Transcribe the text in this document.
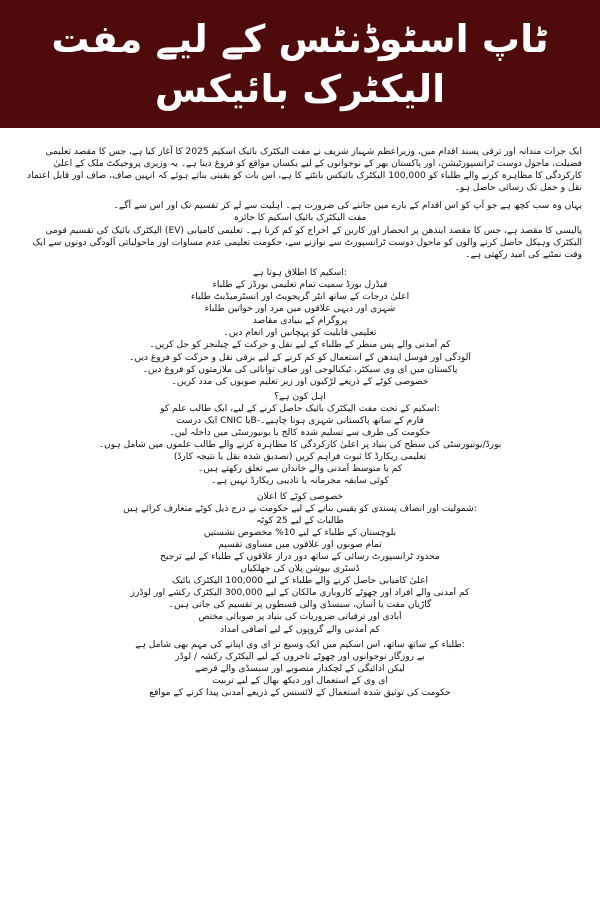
ٹاپ اسٹوڈنٹس کے لیے مفت
الیکٹرک بائیکس

ایک جرات مندانہ اور ترقی پسند اقدام میں، وزیراعظم شہباز شریف نے مفت الیکٹرک بائیک اسکیم 2025 کا آغاز کیا ہے، جس کا مقصد تعلیمی فضیلت، ماحول دوست ٹرانسپورٹیشن، اور پاکستان بھر کے نوجوانوں کے لیے یکساں مواقع کو فروغ دینا ہے۔ یہ وزیری پروجیکٹ ملک کے اعلیٰ کارکردگی کا مظاہرہ کرنے والے طلباء کو 100,000 الیکٹرک بائیکس بانٹنے کا ہے، اس بات کو یقینی بناتے ہوئے کہ انہیں صاف، صاف اور قابل اعتماد نقل و حمل تک رسائی حاصل ہو۔

یہاں وہ سب کچھ ہے جو آپ کو اس اقدام کے بارے میں جاننے کی ضرورت ہے۔ اہلیت سے لے کر تقسیم تک اور اس سے آگے۔

مفت الیکٹرک بائیک اسکیم کا جائزہ

پالیسی کا مقصد ہے، جس کا مقصد ایندھن پر انحصار اور کاربن کے اخراج کو کم کرنا ہے۔ تعلیمی کامیابی (EV) الیکٹرک بائیک کی تقسیم قومی الیکٹرک وہیکل حاصل کرنے والوں کو ماحول دوست ٹرانسپورٹ سے نوازنے سے، حکومت تعلیمی عدم مساوات اور ماحولیاتی آلودگی دونوں سے ایک وقت نمٹنے کی امید رکھتی ہے۔

:اسکیم کا اطلاق ہوتا ہے

فیڈرل بورڈ سمیت تمام تعلیمی بورڈز کے طلباء

اعلیٰ درجات کے ساتھ انٹر گریجویٹ اور انسٹرمیڈیٹ طلباء

شہری اور دیہی علاقوں میں مرد اور خواتین طلباء

پروگرام کے بنیادی مقاصد

تعلیمی قابلیت کو پہچانیں اور انعام دیں۔

کم آمدنی والے پس منظر کے طلباء کے لیے نقل و حرکت کے چیلنجز کو حل کریں۔

آلودگی اور فوسل ایندھن کے استعمال کو کم کرنے کے لیے برقی نقل و حرکت کو فروغ دیں۔

پاکستان میں ای وی سیکٹر، ٹیکنالوجی اور صاف توانائی کی ملازمتوں کو فروغ دیں۔

خصوصی کوٹے کے ذریعے لڑکیوں اور زیر تعلیم صوبوں کی مدد کریں۔

اہل کون ہے؟

:اسکیم کے تحت مفت الیکٹرک بائیک حاصل کرنے کے لیے، ایک طالب علم کو

فارم کے ساتھ پاکستانی شہری ہونا چاہیے۔-Bیا CNIC ایک درست

حکومت کی طرف سے تسلیم شدہ کالج یا یونیورسٹی میں داخلہ لیں۔

بورڈ/یونیورسٹی کی سطح کی بنیاد پر اعلیٰ کارکردگی کا مظاہرہ کرنے والے طالب علموں میں شامل ہوں۔

تعلیمی ریکارڈ کا ثبوت فراہم کریں (تصدیق شدہ نقل یا نتیجہ کارڈ)

کم یا متوسط آمدنی والے خاندان سے تعلق رکھتے ہیں۔

کوئی سابقہ مجرمانہ یا تادیبی ریکارڈ نہیں ہے۔

خصوصی کوٹے کا اعلان

:شمولیت اور انصاف پسندی کو یقینی بنانے کے لیے حکومت نے درج ذیل کوٹے متعارف کرائے ہیں

طالبات کے لیے 25 کوٹہ

بلوچستان کے طلباء کے لیے 10% مخصوص نشستیں

تمام صوبوں اور علاقوں میں مساوی تقسیم

محدود ٹرانسپورٹ رسائی کے ساتھ دور دراز علاقوں کے طلباء کے لیے ترجیح

ڈسٹری بیوشن پلان کی جھلکیاں

اعلیٰ کامیابی حاصل کرنے والے طلباء کے لیے 100,000 الیکٹرک بائیک

کم آمدنی والے افراد اور چھوٹے کاروباری مالکان کے لیے 300,000 الیکٹرک رکشے اور لوڈرز

گاڑیاں مفت یا آسان، سبسڈی والی قسطوں پر تقسیم کی جاتی ہیں۔

آبادی اور ترقیاتی ضروریات کی بنیاد پر صوبائی مختص

کم آمدنی والے گروپوں کے لیے اضافی امداد

:طلباء کے ساتھ ساتھ، اس اسکیم میں ایک وسیع تر ای وی اپنانے کی مہم بھی شامل ہے

بے روزگار نوجوانوں اور چھوٹے تاجروں کے لیے الیکٹرک رکشہ / لوڈر

لیکن ادائیگی کے لچکدار منصوبے اور سبسڈی والے قرضے

ای وی کے استعمال اور دیکھ بھال کے لیے تربیت

حکومت کی توثیق شدہ استعمال کے لائسنس کے ذریعے آمدنی پیدا کرنے کے مواقع
